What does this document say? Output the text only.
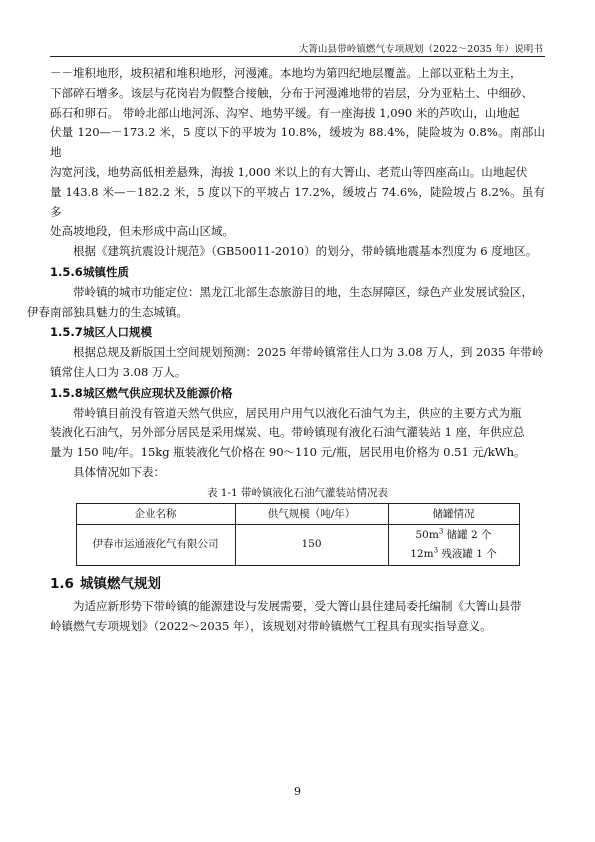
大箐山县带岭镇燃气专项规划（2022～2035 年）说明书

－－堆积地形，坡积裙和堆积地形，河漫滩。本地均为第四纪地层覆盖。上部以亚粘土为主，
下部碎石增多。该层与花岗岩为假整合接触，分布于河漫滩地带的岩层，分为亚粘土、中细砂、
砾石和卵石。 带岭北部山地河泺、沟窄、地势平缓。有一座海拔 1,090 米的芦吹山，山地起
伏量 120—－173.2 米，5 度以下的平坡为 10.8%，缓坡为 88.4%，陡险坡为 0.8%。南部山地
沟宽河浅，地势高低相差悬殊，海拔 1,000 米以上的有大箐山、老荒山等四座高山。山地起伏
量 143.8 米—－182.2 米，5 度以下的平坡占 17.2%，缓坡占 74.6%，陡险坡占 8.2%。虽有多
处高坡地段，但未形成中高山区域。

根据《建筑抗震设计规范》（GB50011-2010）的划分，带岭镇地震基本烈度为 6 度地区。

1.5.6城镇性质

带岭镇的城市功能定位：黑龙江北部生态旅游目的地，生态屏障区，绿色产业发展试验区，
伊春南部独具魅力的生态城镇。

1.5.7城区人口规模

根据总规及新版国土空间规划预测：2025 年带岭镇常住人口为 3.08 万人，到 2035 年带岭
镇常住人口为 3.08 万人。

1.5.8城区燃气供应现状及能源价格

带岭镇目前没有管道天然气供应，居民用户用气以液化石油气为主，供应的主要方式为瓶
装液化石油气，另外部分居民是采用煤炭、电。带岭镇现有液化石油气灌装站 1 座，年供应总
量为 150 吨/年。15kg 瓶装液化气价格在 90～110 元/瓶，居民用电价格为 0.51 元/kWh。

具体情况如下表：

表 1-1 带岭镇液化石油气灌装站情况表
企业名称	供气规模（吨/年）	储罐情况
伊春市运通液化气有限公司	150	$50m^3$ 储罐 2 个
$12m^3$ 残液罐 1 个
1.6 城镇燃气规划

为适应新形势下带岭镇的能源建设与发展需要，受大箐山县住建局委托编制《大箐山县带
岭镇燃气专项规划》（2022～2035 年），该规划对带岭镇燃气工程具有现实指导意义。

9
